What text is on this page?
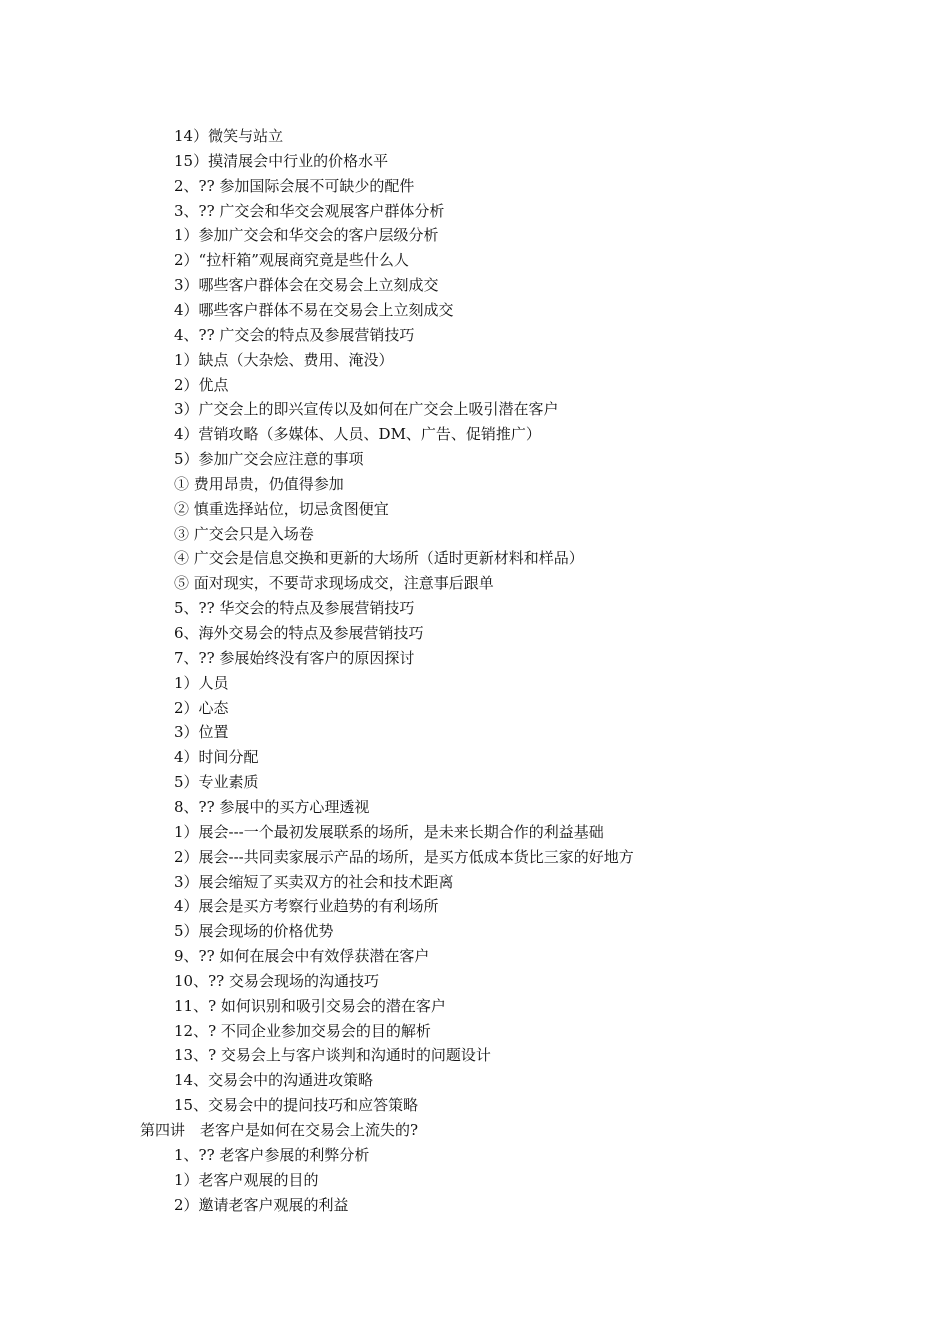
14）微笑与站立
15）摸清展会中行业的价格水平
2、?? 参加国际会展不可缺少的配件
3、?? 广交会和华交会观展客户群体分析
1）参加广交会和华交会的客户层级分析
2）“拉杆箱”观展商究竟是些什么人
3）哪些客户群体会在交易会上立刻成交
4）哪些客户群体不易在交易会上立刻成交
4、?? 广交会的特点及参展营销技巧
1）缺点（大杂烩、费用、淹没）
2）优点
3）广交会上的即兴宣传以及如何在广交会上吸引潜在客户
4）营销攻略（多媒体、人员、DM、广告、促销推广）
5）参加广交会应注意的事项
① 费用昂贵，仍值得参加
② 慎重选择站位，切忌贪图便宜
③ 广交会只是入场卷
④ 广交会是信息交换和更新的大场所（适时更新材料和样品）
⑤ 面对现实，不要苛求现场成交，注意事后跟单
5、?? 华交会的特点及参展营销技巧
6、海外交易会的特点及参展营销技巧
7、?? 参展始终没有客户的原因探讨
1）人员
2）心态
3）位置
4）时间分配
5）专业素质
8、?? 参展中的买方心理透视
1）展会---一个最初发展联系的场所，是未来长期合作的利益基础
2）展会---共同卖家展示产品的场所，是买方低成本货比三家的好地方
3）展会缩短了买卖双方的社会和技术距离
4）展会是买方考察行业趋势的有利场所
5）展会现场的价格优势
9、?? 如何在展会中有效俘获潜在客户
10、?? 交易会现场的沟通技巧
11、? 如何识别和吸引交易会的潜在客户
12、? 不同企业参加交易会的目的解析
13、? 交易会上与客户谈判和沟通时的问题设计
14、交易会中的沟通进攻策略
15、交易会中的提问技巧和应答策略
第四讲　老客户是如何在交易会上流失的?
1、?? 老客户参展的利弊分析
1）老客户观展的目的
2）邀请老客户观展的利益
